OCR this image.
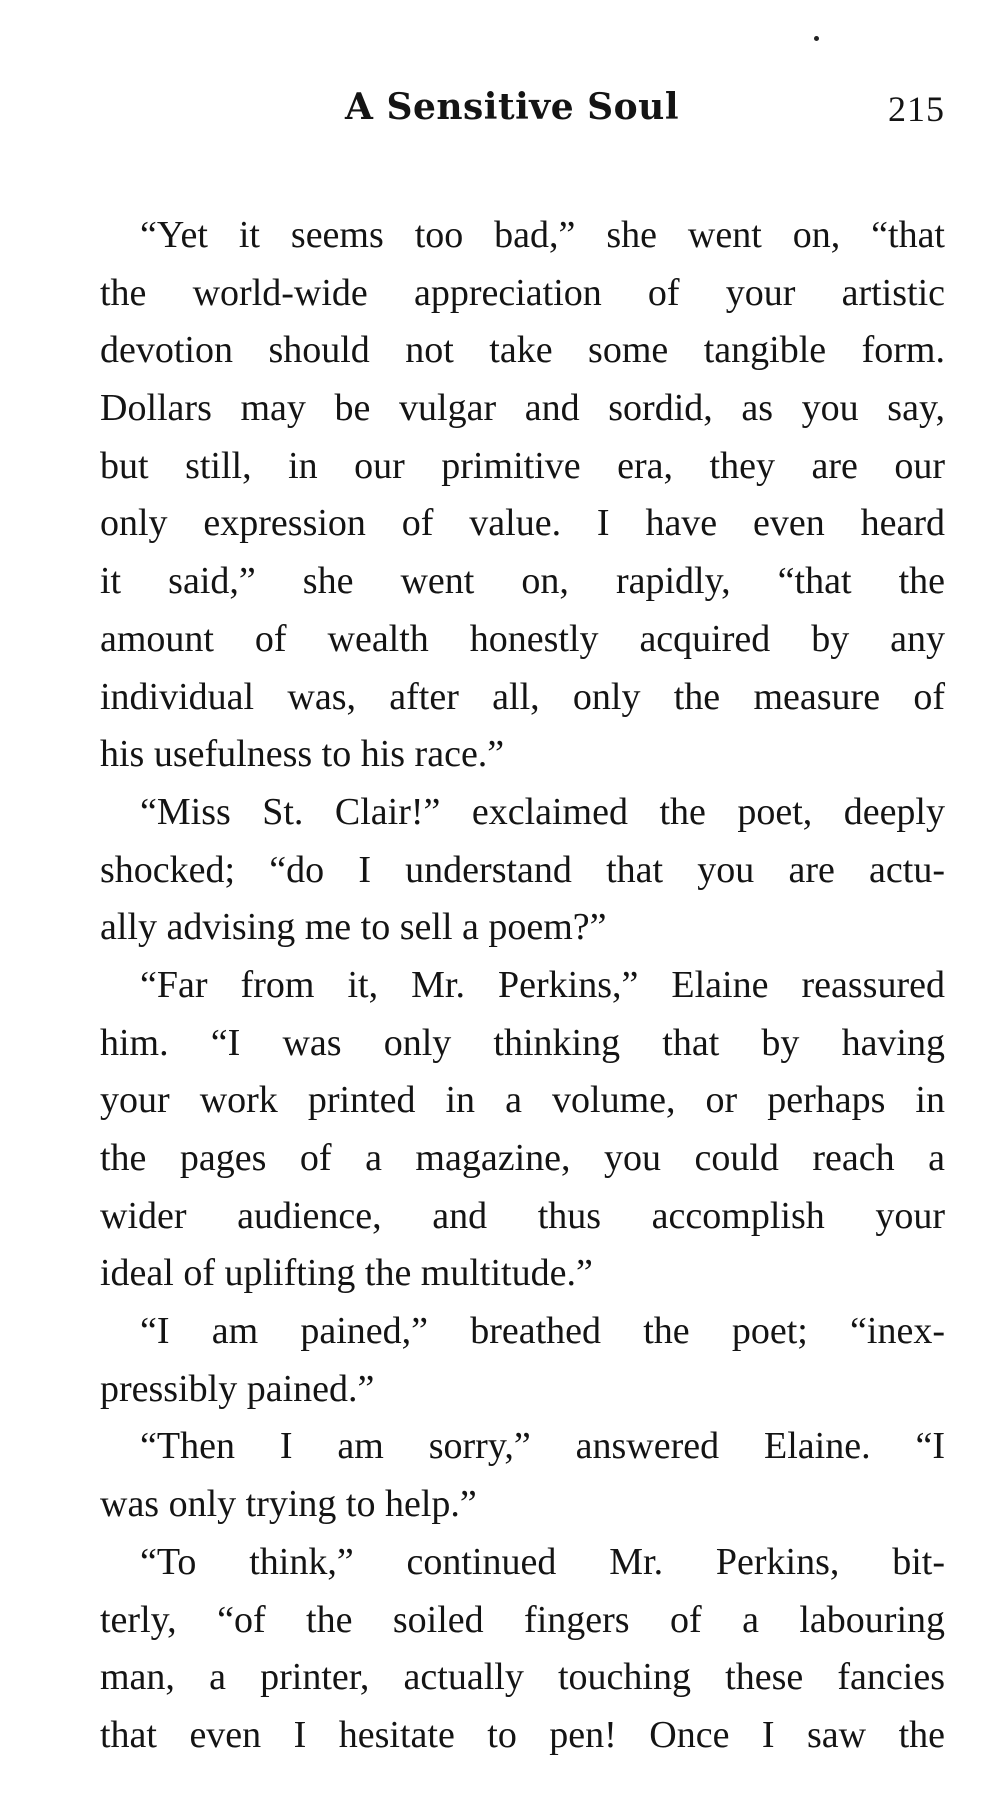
A Sensitive Soul	215
“Yet it seems too bad,” she went on, “that
the world-wide appreciation of your artistic
devotion should not take some tangible form.
Dollars may be vulgar and sordid, as you say,
but still, in our primitive era, they are our
only expression of value. I have even heard
it said,” she went on, rapidly, “that the
amount of wealth honestly acquired by any
individual was, after all, only the measure of
his usefulness to his race.”
“Miss St. Clair!” exclaimed the poet, deeply
shocked; “do I understand that you are actu-
ally advising me to sell a poem?”
“Far from it, Mr. Perkins,” Elaine reassured
him. “I was only thinking that by having
your work printed in a volume, or perhaps in
the pages of a magazine, you could reach a
wider audience, and thus accomplish your
ideal of uplifting the multitude.”
“I am pained,” breathed the poet; “inex-
pressibly pained.”
“Then I am sorry,” answered Elaine. “I
was only trying to help.”
“To think,” continued Mr. Perkins, bit-
terly, “of the soiled fingers of a labouring
man, a printer, actually touching these fancies
that even I hesitate to pen! Once I saw the
